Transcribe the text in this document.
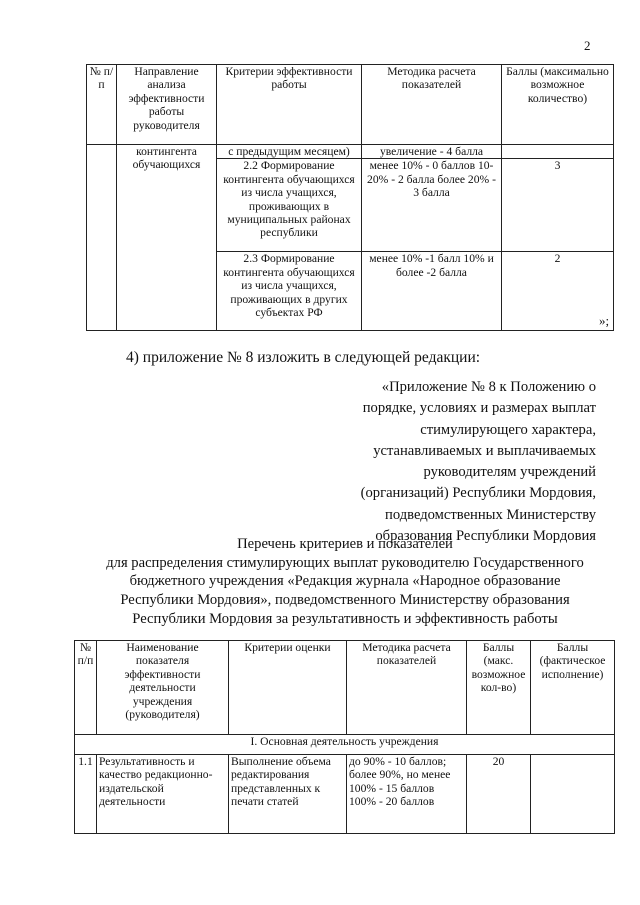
2
№ п/п	Направление анализа эффективности работы руководителя	Критерии эффективности работы	Методика расчета показателей	Баллы (максимально возможное количество)
	контингента обучающихся	с предыдущим месяцем)	увеличение - 4 балла	
		2.2 Формирование контингента обучающихся из числа учащихся, проживающих в муниципальных районах республики	менее 10% - 0 баллов 10-20% - 2 балла более 20% - 3 балла	3
		2.3 Формирование контингента обучающихся из числа учащихся, проживающих в других субъектах РФ	менее 10% -1 балл 10% и более -2 балла	2
»;
4) приложение № 8 изложить в следующей редакции:
«Приложение № 8 к Положению о
порядке, условиях и размерах выплат
стимулирующего характера,
устанавливаемых и выплачиваемых
руководителям учреждений
(организаций) Республики Мордовия,
подведомственных Министерству
образования Республики Мордовия
Перечень критериев и показателей
для распределения стимулирующих выплат руководителю Государственного
бюджетного учреждения «Редакция журнала «Народное образование
Республики Мордовия», подведомственного Министерству образования
Республики Мордовия за результативность и эффективность работы
№ п/п	Наименование показателя эффективности деятельности учреждения (руководителя)	Критерии оценки	Методика расчета показателей	Баллы (макс. возможное кол-во)	Баллы (фактическое исполнение)
I. Основная деятельность учреждения					
1.1	Результативность и качество редакционно-издательской деятельности	Выполнение объема редактирования представленных к печати статей	до 90% - 10 баллов; более 90%, но менее 100% - 15 баллов 100% - 20 баллов	20	
